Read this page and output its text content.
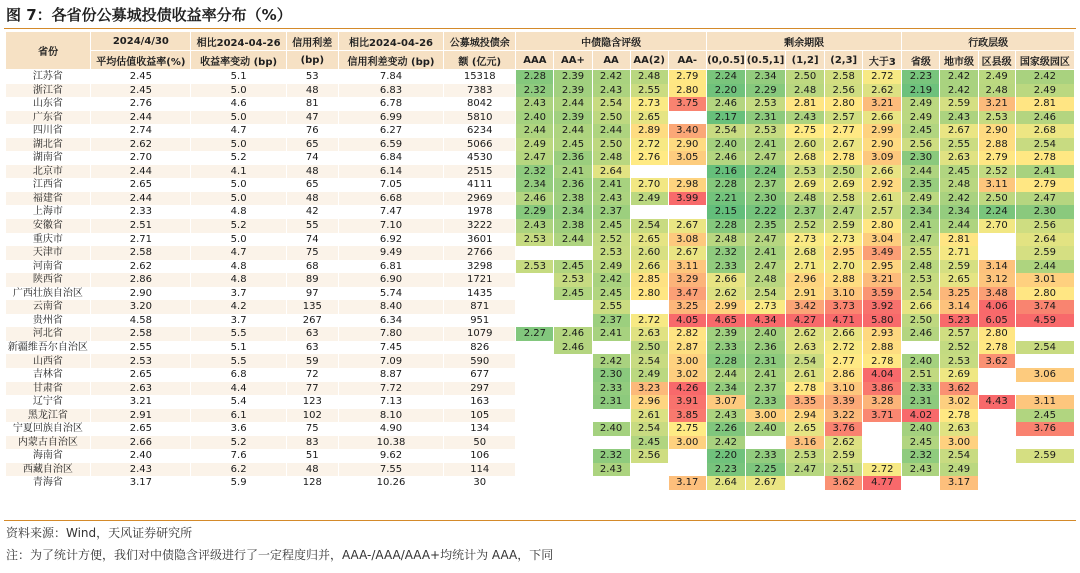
图 7：各省份公募城投债收益率分布（%）
省份	2024/4/30	相比2024-04-26	信用利差	相比2024-04-26	公募城投债余	中债隐含评级					剩余期限					行政层级			
	平均估值收益率(%)	收益率变动 (bp)	(bp)	信用利差变动 (bp)	额 (亿元)	AAA	AA+	AA	AA(2)	AA-	(0,0.5]	(0.5,1]	(1,2]	(2,3]	大于3	省级	地市级	区县级	国家级园区
江苏省	2.45	5.1	53	7.84	15318	2.28	2.39	2.42	2.48	2.79	2.24	2.34	2.50	2.58	2.72	2.23	2.42	2.49	2.42
浙江省	2.45	5.0	48	6.83	7383	2.32	2.39	2.43	2.55	2.80	2.20	2.29	2.48	2.56	2.62	2.19	2.42	2.48	2.49
山东省	2.76	4.6	81	6.78	8042	2.43	2.44	2.54	2.73	3.75	2.46	2.53	2.81	2.80	3.21	2.49	2.59	3.21	2.81
广东省	2.44	5.0	47	6.99	5810	2.40	2.39	2.50	2.65		2.17	2.31	2.43	2.57	2.66	2.49	2.43	2.53	2.46
四川省	2.74	4.7	76	6.27	6234	2.44	2.44	2.44	2.89	3.40	2.54	2.53	2.75	2.77	2.99	2.45	2.67	2.90	2.68
湖北省	2.62	5.0	65	6.59	5066	2.49	2.45	2.50	2.72	2.90	2.40	2.41	2.60	2.67	2.90	2.56	2.55	2.88	2.54
湖南省	2.70	5.2	74	6.84	4530	2.47	2.36	2.48	2.76	3.05	2.46	2.47	2.68	2.78	3.09	2.30	2.63	2.79	2.78
北京市	2.44	4.1	48	6.14	2515	2.32	2.41	2.64			2.16	2.24	2.53	2.50	2.66	2.44	2.45	2.52	2.41
江西省	2.65	5.0	65	7.05	4111	2.34	2.36	2.41	2.70	2.98	2.28	2.37	2.69	2.69	2.92	2.35	2.48	3.11	2.79
福建省	2.44	5.0	48	6.68	2969	2.46	2.38	2.43	2.49	3.99	2.21	2.30	2.48	2.58	2.61	2.49	2.42	2.50	2.47
上海市	2.33	4.8	42	7.47	1978	2.29	2.34	2.37			2.15	2.22	2.37	2.47	2.57	2.34	2.34	2.24	2.30
安徽省	2.51	5.2	55	7.10	3222	2.43	2.38	2.45	2.54	2.67	2.28	2.35	2.52	2.59	2.80	2.41	2.44	2.70	2.56
重庆市	2.71	5.0	74	6.92	3601	2.53	2.44	2.52	2.65	3.08	2.48	2.47	2.73	2.73	3.04	2.47	2.81		2.64
天津市	2.58	4.7	75	9.49	2766			2.53	2.60	2.67	2.32	2.41	2.68	2.95	3.49	2.55	2.71		2.59
河南省	2.62	4.8	68	6.81	3298	2.53	2.45	2.49	2.66	3.11	2.33	2.47	2.71	2.70	2.95	2.48	2.59	3.14	2.44
陕西省	2.86	4.8	89	6.90	1721		2.53	2.42	2.85	3.29	2.66	2.48	2.96	2.88	3.21	2.53	2.65	3.12	3.01
广西壮族自治区	2.90	3.7	97	5.74	1435		2.45	2.45	2.80	3.47	2.62	2.54	2.91	3.10	3.59	2.54	3.25	3.48	2.80
云南省	3.20	4.2	135	8.40	871			2.55		3.25	2.99	2.73	3.42	3.73	3.92	2.66	3.14	4.06	3.74
贵州省	4.58	3.7	267	6.34	951			2.37	2.72	4.05	4.65	4.34	4.27	4.71	5.80	2.50	5.23	6.05	4.59
河北省	2.58	5.5	63	7.80	1079	2.27	2.46	2.41	2.63	2.82	2.39	2.40	2.62	2.66	2.93	2.46	2.57	2.80	
新疆维吾尔自治区	2.55	5.1	63	7.45	826		2.46		2.50	2.87	2.33	2.36	2.63	2.72	2.88		2.52	2.78	2.54
山西省	2.53	5.5	59	7.09	590			2.42	2.54	3.00	2.28	2.31	2.54	2.77	2.78	2.40	2.53	3.62	
吉林省	2.65	6.8	72	8.87	677			2.30	2.49	3.02	2.44	2.41	2.61	2.86	4.04	2.51	2.69		3.06
甘肃省	2.63	4.4	77	7.72	297			2.33	3.23	4.26	2.34	2.37	2.78	3.10	3.86	2.33	3.62		
辽宁省	3.21	5.4	123	7.13	163			2.31	2.96	3.91	3.07	2.33	3.35	3.39	3.28	2.31	3.02	4.43	3.11
黑龙江省	2.91	6.1	102	8.10	105				2.61	3.85	2.43	3.00	2.94	3.22	3.71	4.02	2.78		2.45
宁夏回族自治区	2.65	3.6	75	4.90	134			2.40	2.54	2.75	2.26	2.40	2.65	3.76		2.40	2.63		3.76
内蒙古自治区	2.66	5.2	83	10.38	50				2.45	3.00	2.42		3.16	2.62		2.45	3.00		
海南省	2.40	7.6	51	9.62	106			2.32	2.56		2.20	2.33	2.53	2.59		2.32	2.54		2.59
西藏自治区	2.43	6.2	48	7.55	114			2.43			2.23	2.25	2.47	2.51	2.72	2.43	2.49		
青海省	3.17	5.9	128	10.26	30					3.17	2.64	2.67		3.62	4.77		3.17		
资料来源：Wind，天风证券研究所
注：为了统计方便，我们对中债隐含评级进行了一定程度归并，AAA-/AAA/AAA+均统计为 AAA，下同
